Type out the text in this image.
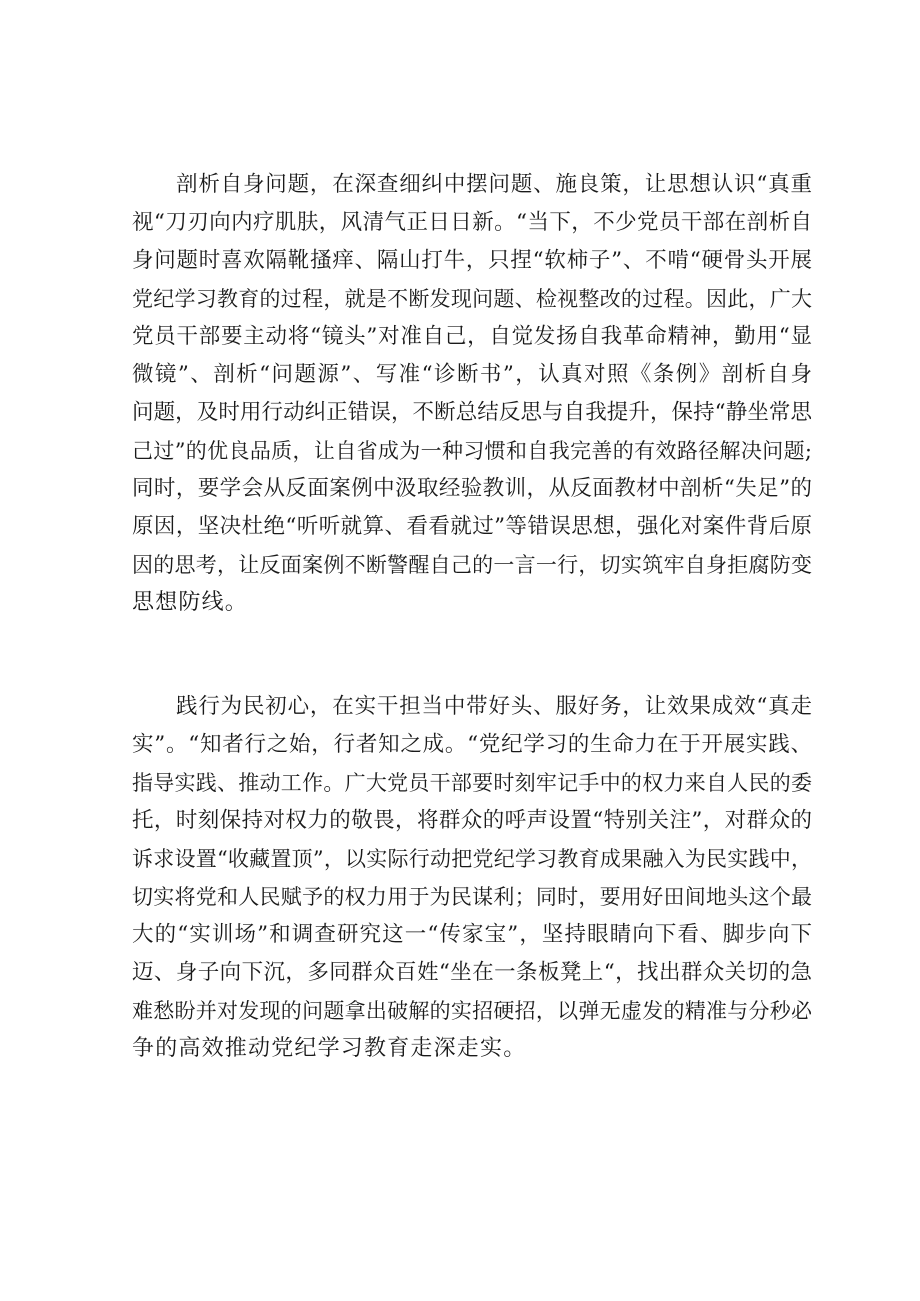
剖析自身问题，在深查细纠中摆问题、施良策，让思想认识“真重
视“刀刃向内疗肌肤，风清气正日日新。“当下，不少党员干部在剖析自
身问题时喜欢隔靴搔痒、隔山打牛，只捏“软柿子”、不啃“硬骨头开展
党纪学习教育的过程，就是不断发现问题、检视整改的过程。因此，广大
党员干部要主动将“镜头”对准自己，自觉发扬自我革命精神，勤用“显
微镜”、剖析“问题源”、写准“诊断书”，认真对照《条例》剖析自身
问题，及时用行动纠正错误，不断总结反思与自我提升，保持“静坐常思
己过”的优良品质，让自省成为一种习惯和自我完善的有效路径解决问题;
同时，要学会从反面案例中汲取经验教训，从反面教材中剖析“失足”的
原因，坚决杜绝“听听就算、看看就过”等错误思想，强化对案件背后原
因的思考，让反面案例不断警醒自己的一言一行，切实筑牢自身拒腐防变
思想防线。
践行为民初心，在实干担当中带好头、服好务，让效果成效“真走
实”。“知者行之始，行者知之成。“党纪学习的生命力在于开展实践、
指导实践、推动工作。广大党员干部要时刻牢记手中的权力来自人民的委
托，时刻保持对权力的敬畏，将群众的呼声设置“特别关注”，对群众的
诉求设置“收藏置顶”，以实际行动把党纪学习教育成果融入为民实践中，
切实将党和人民赋予的权力用于为民谋利；同时，要用好田间地头这个最
大的“实训场”和调查研究这一“传家宝”，坚持眼睛向下看、脚步向下
迈、身子向下沉，多同群众百姓“坐在一条板凳上“，找出群众关切的急
难愁盼并对发现的问题拿出破解的实招硬招，以弹无虚发的精准与分秒必
争的高效推动党纪学习教育走深走实。
